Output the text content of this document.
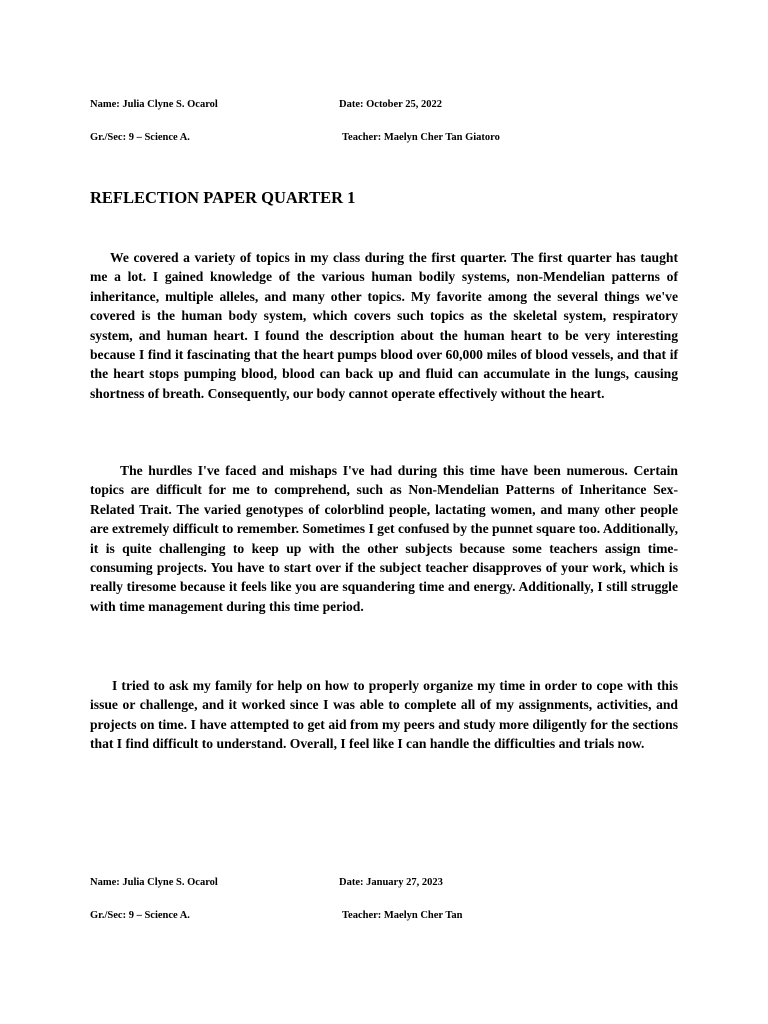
Name: Julia Clyne S. Ocarol	Date: October 25, 2022
Gr./Sec: 9 – Science A.	Teacher: Maelyn Cher Tan Giatoro
REFLECTION PAPER QUARTER 1

We covered a variety of topics in my class during the first quarter. The first quarter has taught me a lot. I gained knowledge of the various human bodily systems, non-Mendelian patterns of inheritance, multiple alleles, and many other topics. My favorite among the several things we've covered is the human body system, which covers such topics as the skeletal system, respiratory system, and human heart. I found the description about the human heart to be very interesting because I find it fascinating that the heart pumps blood over 60,000 miles of blood vessels, and that if the heart stops pumping blood, blood can back up and fluid can accumulate in the lungs, causing shortness of breath. Consequently, our body cannot operate effectively without the heart.

The hurdles I've faced and mishaps I've had during this time have been numerous. Certain topics are difficult for me to comprehend, such as Non-Mendelian Patterns of Inheritance Sex-Related Trait. The varied genotypes of colorblind people, lactating women, and many other people are extremely difficult to remember. Sometimes I get confused by the punnet square too. Additionally, it is quite challenging to keep up with the other subjects because some teachers assign time-consuming projects. You have to start over if the subject teacher disapproves of your work, which is really tiresome because it feels like you are squandering time and energy. Additionally, I still struggle with time management during this time period.

I tried to ask my family for help on how to properly organize my time in order to cope with this issue or challenge, and it worked since I was able to complete all of my assignments, activities, and projects on time. I have attempted to get aid from my peers and study more diligently for the sections that I find difficult to understand. Overall, I feel like I can handle the difficulties and trials now.

Name: Julia Clyne S. Ocarol	Date: January 27, 2023
Gr./Sec: 9 – Science A.	Teacher: Maelyn Cher Tan
